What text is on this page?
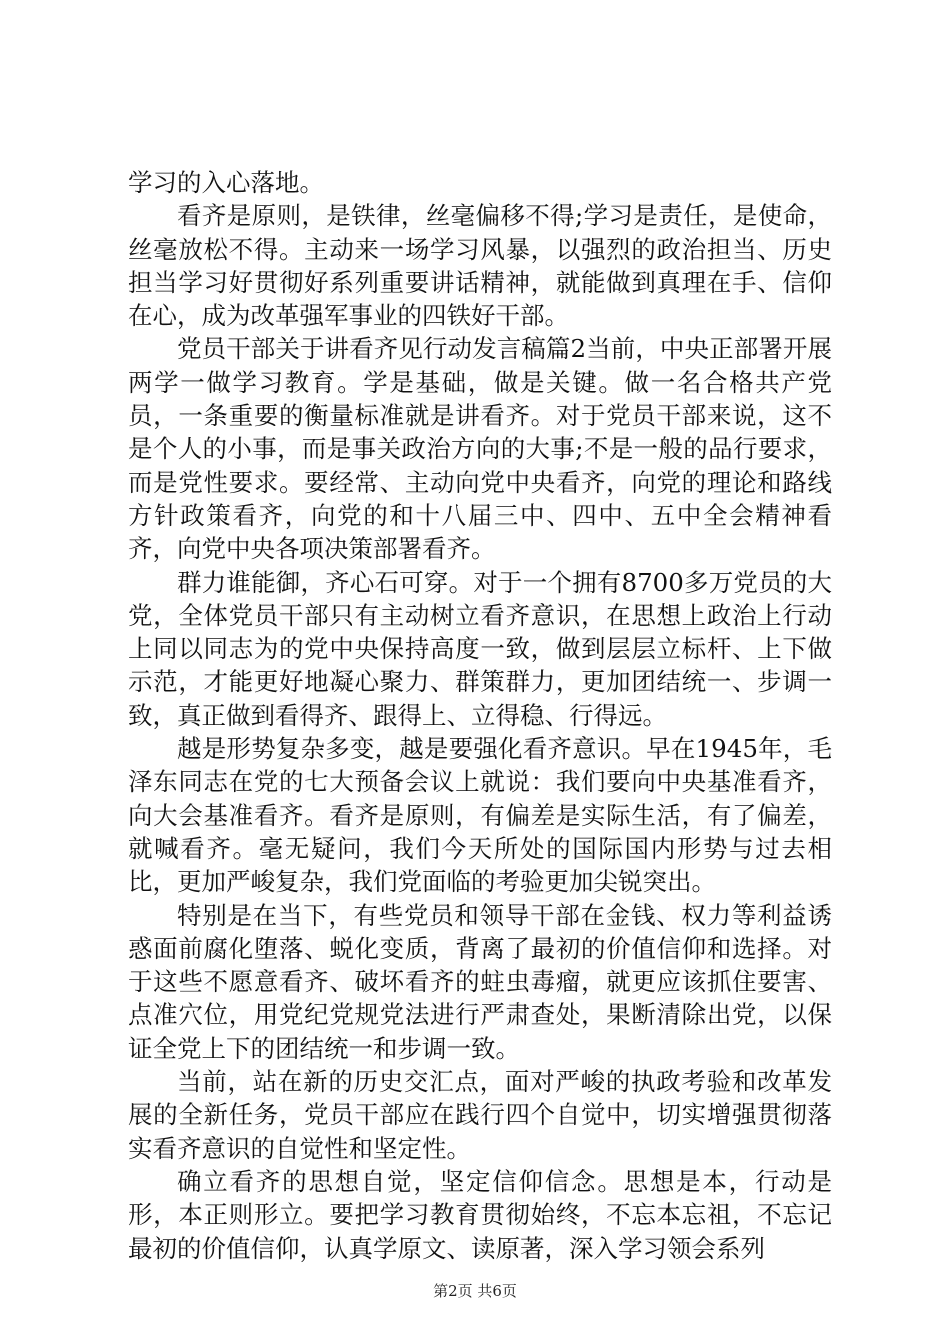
学习的入心落地。

看齐是原则，是铁律，丝毫偏移不得;学习是责任，是使命，丝毫放松不得。主动来一场学习风暴，以强烈的政治担当、历史担当学习好贯彻好系列重要讲话精神，就能做到真理在手、信仰在心，成为改革强军事业的四铁好干部。

党员干部关于讲看齐见行动发言稿篇2当前，中央正部署开展两学一做学习教育。学是基础，做是关键。做一名合格共产党员，一条重要的衡量标准就是讲看齐。对于党员干部来说，这不是个人的小事，而是事关政治方向的大事;不是一般的品行要求，而是党性要求。要经常、主动向党中央看齐，向党的理论和路线方针政策看齐，向党的和十八届三中、四中、五中全会精神看齐，向党中央各项决策部署看齐。

群力谁能御，齐心石可穿。对于一个拥有8700多万党员的大党，全体党员干部只有主动树立看齐意识，在思想上政治上行动上同以同志为的党中央保持高度一致，做到层层立标杆、上下做示范，才能更好地凝心聚力、群策群力，更加团结统一、步调一致，真正做到看得齐、跟得上、立得稳、行得远。

越是形势复杂多变，越是要强化看齐意识。早在1945年，毛泽东同志在党的七大预备会议上就说：我们要向中央基准看齐，向大会基准看齐。看齐是原则，有偏差是实际生活，有了偏差，就喊看齐。毫无疑问，我们今天所处的国际国内形势与过去相比，更加严峻复杂，我们党面临的考验更加尖锐突出。

特别是在当下，有些党员和领导干部在金钱、权力等利益诱惑面前腐化堕落、蜕化变质，背离了最初的价值信仰和选择。对于这些不愿意看齐、破坏看齐的蛀虫毒瘤，就更应该抓住要害、点准穴位，用党纪党规党法进行严肃查处，果断清除出党，以保证全党上下的团结统一和步调一致。

当前，站在新的历史交汇点，面对严峻的执政考验和改革发展的全新任务，党员干部应在践行四个自觉中，切实增强贯彻落实看齐意识的自觉性和坚定性。

确立看齐的思想自觉，坚定信仰信念。思想是本，行动是形，本正则形立。要把学习教育贯彻始终，不忘本忘祖，不忘记最初的价值信仰，认真学原文、读原著，深入学习领会系列

第2页 共6页
